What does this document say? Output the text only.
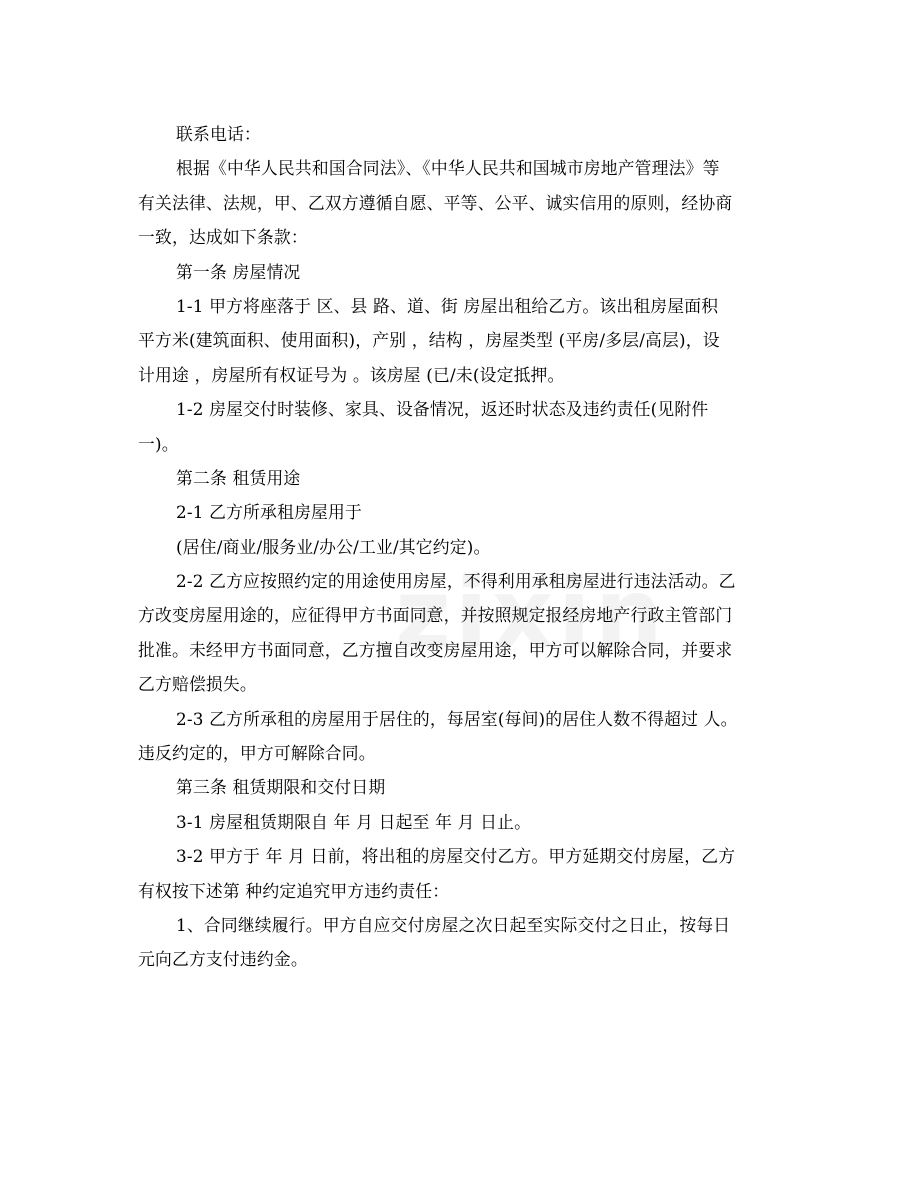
联系电话：
根据《中华人民共和国合同法》、《中华人民共和国城市房地产管理法》等
有关法律、法规，甲、乙双方遵循自愿、平等、公平、诚实信用的原则，经协商
一致，达成如下条款：
第一条 房屋情况
1-1 甲方将座落于 区、县 路、道、街 房屋出租给乙方。该出租房屋面积
平方米(建筑面积、使用面积)，产别 ，结构 ，房屋类型 (平房/多层/高层)，设
计用途 ，房屋所有权证号为 。该房屋 (已/未(设定抵押。
1-2 房屋交付时装修、家具、设备情况，返还时状态及违约责任(见附件
一)。
第二条 租赁用途
2-1 乙方所承租房屋用于
(居住/商业/服务业/办公/工业/其它约定)。
2-2 乙方应按照约定的用途使用房屋，不得利用承租房屋进行违法活动。乙
方改变房屋用途的，应征得甲方书面同意，并按照规定报经房地产行政主管部门
批准。未经甲方书面同意，乙方擅自改变房屋用途，甲方可以解除合同，并要求
乙方赔偿损失。
2-3 乙方所承租的房屋用于居住的，每居室(每间)的居住人数不得超过 人。
违反约定的，甲方可解除合同。
第三条 租赁期限和交付日期
3-1 房屋租赁期限自 年 月 日起至 年 月 日止。
3-2 甲方于 年 月 日前，将出租的房屋交付乙方。甲方延期交付房屋，乙方
有权按下述第 种约定追究甲方违约责任：
1、合同继续履行。甲方自应交付房屋之次日起至实际交付之日止，按每日
元向乙方支付违约金。
